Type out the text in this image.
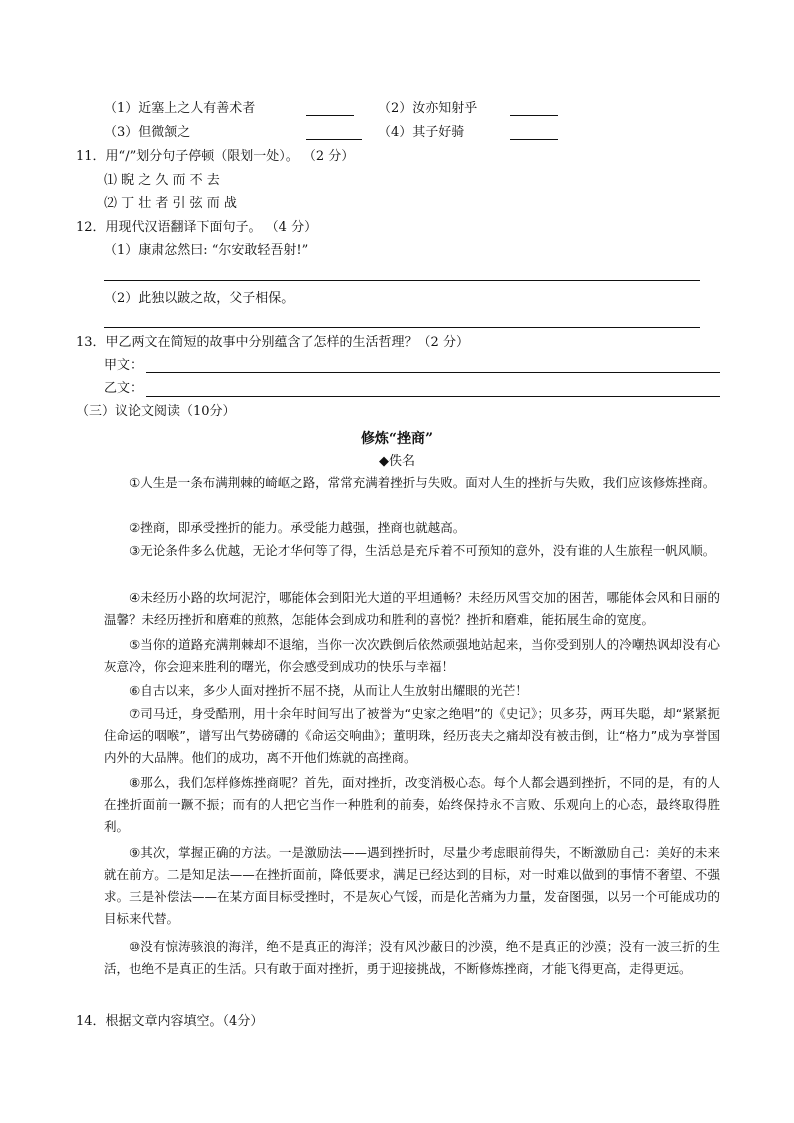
（1）近塞上之人有善术者	（2）汝亦知射乎
（3）但微颔之	（4）其子好骑
11．用“/”划分句子停顿（限划一处）。 （2 分）
⑴ 睨 之 久 而 不 去
⑵ 丁 壮 者 引 弦 而 战
12．用现代汉语翻译下面句子。 （4 分）
（1）康肃忿然曰: “尔安敢轻吾射!”
（2）此独以跛之故，父子相保。
13．甲乙两文在简短的故事中分别蕴含了怎样的生活哲理？（2 分）
甲文：
乙文：
（三）议论文阅读（10分）
修炼“挫商”
◆佚名
①人生是一条布满荆棘的崎岖之路，常常充满着挫折与失败。面对人生的挫折与失败，我们应该修炼挫商。
②挫商，即承受挫折的能力。承受能力越强，挫商也就越高。
③无论条件多么优越，无论才华何等了得，生活总是充斥着不可预知的意外，没有谁的人生旅程一帆风顺。
④未经历小路的坎坷泥泞，哪能体会到阳光大道的平坦通畅？未经历风雪交加的困苦，哪能体会风和日丽的温馨？未经历挫折和磨难的煎熬，怎能体会到成功和胜利的喜悦？挫折和磨难，能拓展生命的宽度。
⑤当你的道路充满荆棘却不退缩，当你一次次跌倒后依然顽强地站起来，当你受到别人的冷嘲热讽却没有心灰意冷，你会迎来胜利的曙光，你会感受到成功的快乐与幸福！
⑥自古以来，多少人面对挫折不屈不挠，从而让人生放射出耀眼的光芒！
⑦司马迁，身受酷刑，用十余年时间写出了被誉为“史家之绝唱”的《史记》；贝多芬，两耳失聪，却“紧紧扼住命运的咽喉”，谱写出气势磅礴的《命运交响曲》；董明珠，经历丧夫之痛却没有被击倒，让“格力”成为享誉国内外的大品牌。他们的成功，离不开他们炼就的高挫商。
⑧那么，我们怎样修炼挫商呢？首先，面对挫折，改变消极心态。每个人都会遇到挫折，不同的是，有的人在挫折面前一蹶不振；而有的人把它当作一种胜利的前奏，始终保持永不言败、乐观向上的心态，最终取得胜利。
⑨其次，掌握正确的方法。一是激励法——遇到挫折时，尽量少考虑眼前得失，不断激励自己：美好的未来就在前方。二是知足法——在挫折面前，降低要求，满足已经达到的目标，对一时难以做到的事情不奢望、不强求。三是补偿法——在某方面目标受挫时，不是灰心气馁，而是化苦痛为力量，发奋图强，以另一个可能成功的目标来代替。
⑩没有惊涛骇浪的海洋，绝不是真正的海洋；没有风沙蔽日的沙漠，绝不是真正的沙漠；没有一波三折的生活，也绝不是真正的生活。只有敢于面对挫折，勇于迎接挑战，不断修炼挫商，才能飞得更高，走得更远。
14．根据文章内容填空。（4分）
